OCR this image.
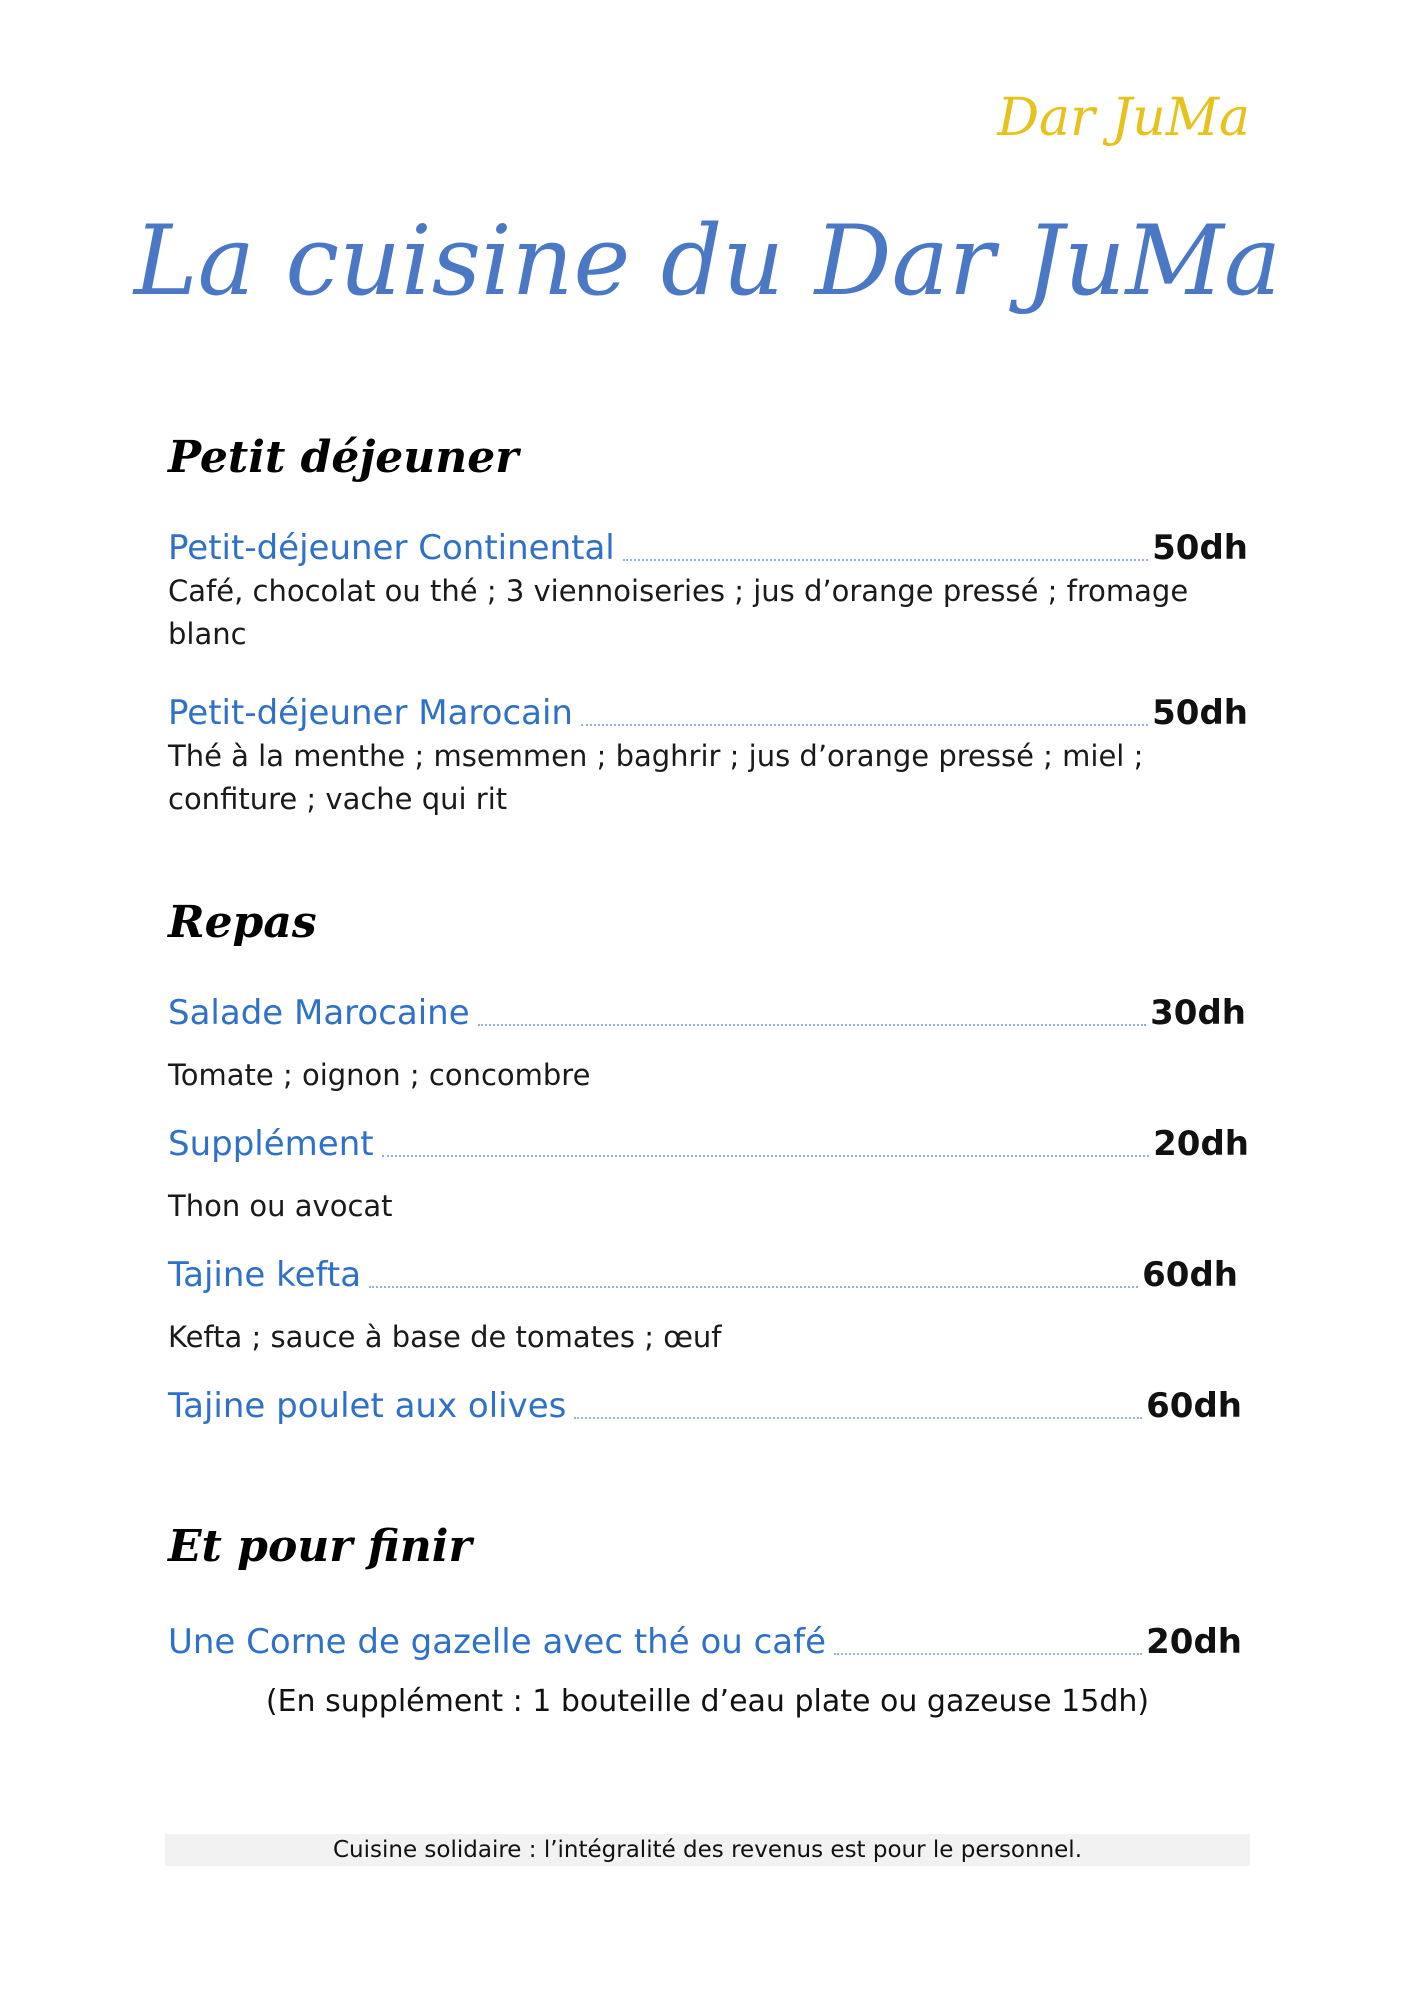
Dar JuMa
La cuisine du Dar JuMa
Petit déjeuner
Petit-déjeuner Continental	50dh
Café, chocolat ou thé ; 3 viennoiseries ; jus d’orange pressé ; fromage blanc
Petit-déjeuner Marocain	50dh
Thé à la menthe ; msemmen ; baghrir ; jus d’orange pressé ; miel ; confiture ; vache qui rit
Repas
Salade Marocaine	30dh
Tomate ; oignon ; concombre
Supplément	20dh
Thon ou avocat
Tajine kefta	60dh
Kefta ; sauce à base de tomates ; œuf
Tajine poulet aux olives	60dh
Et pour finir
Une Corne de gazelle avec thé ou café	20dh
(En supplément : 1 bouteille d’eau plate ou gazeuse 15dh)
Cuisine solidaire : l’intégralité des revenus est pour le personnel.
